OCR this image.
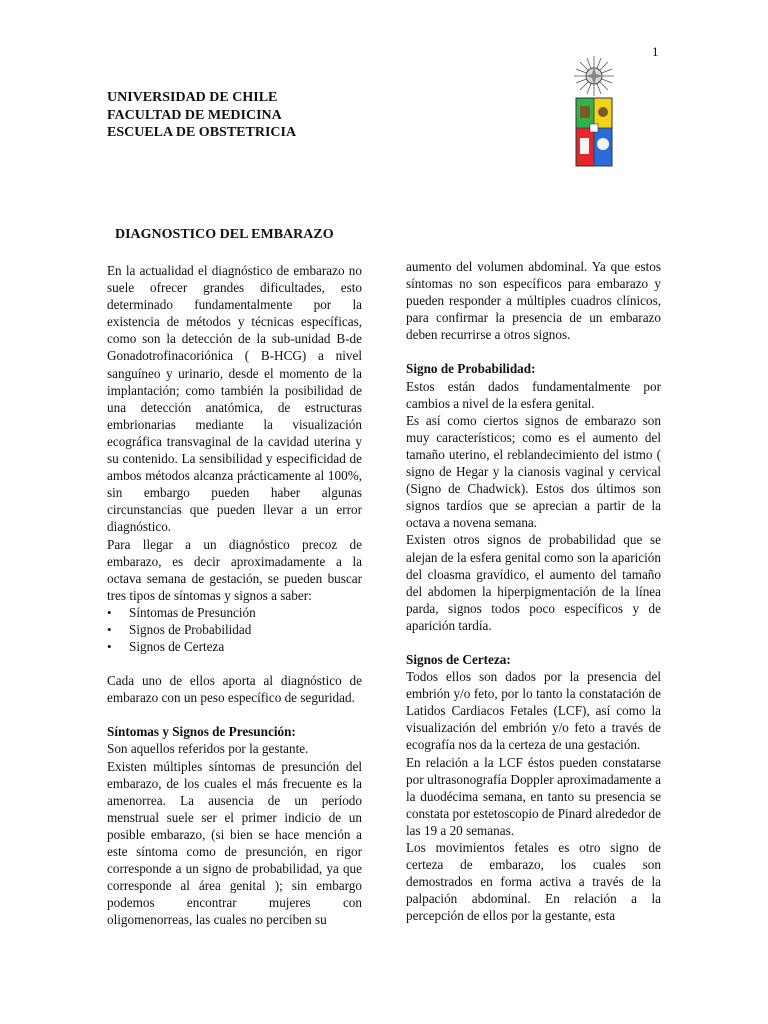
1
UNIVERSIDAD DE CHILE
FACULTAD DE MEDICINA
ESCUELA DE OBSTETRICIA
DIAGNOSTICO DEL EMBARAZO

En la actualidad el diagnóstico de embarazo no suele ofrecer grandes dificultades, esto determinado fundamentalmente por la existencia de métodos y técnicas específicas, como son la detección de la sub-unidad B-de Gonadotrofinacoriónica ( B-HCG) a nivel sanguíneo y urinario, desde el momento de la implantación; como también la posibilidad de una detección anatómica, de estructuras embrionarias mediante la visualización ecográfica transvaginal de la cavidad uterina y su contenido. La sensibilidad y especificidad de ambos métodos alcanza prácticamente al 100%, sin embargo pueden haber algunas circunstancias que pueden llevar a un error diagnóstico.

Para llegar a un diagnóstico precoz de embarazo, es decir aproximadamente a la octava semana de gestación, se pueden buscar tres tipos de síntomas y signos a saber:

• Síntomas de Presunción
• Signos de Probabilidad
• Signos de Certeza

Cada uno de ellos aporta al diagnóstico de embarazo con un peso específico de seguridad.

Síntomas y Signos de Presunción:

Son aquellos referidos por la gestante.

Existen múltiples síntomas de presunción del embarazo, de los cuales el más frecuente es la amenorrea. La ausencia de un período menstrual suele ser el primer indicio de un posible embarazo, (si bien se hace mención a este síntoma como de presunción, en rigor corresponde a un signo de probabilidad, ya que corresponde al área genital ); sin embargo podemos encontrar mujeres con oligomenorreas, las cuales no perciben su

aumento del volumen abdominal. Ya que estos síntomas no son específicos para embarazo y pueden responder a múltiples cuadros clínicos, para confirmar la presencia de un embarazo deben recurrirse a otros signos.

Signo de Probabilidad:

Estos están dados fundamentalmente por cambios a nivel de la esfera genital.

Es así como ciertos signos de embarazo son muy característicos; como es el aumento del tamaño uterino, el reblandecimiento del istmo ( signo de Hegar y la cianosis vaginal y cervical (Signo de Chadwick). Estos dos últimos son signos tardíos que se aprecian a partir de la octava a novena semana.

Existen otros signos de probabilidad que se alejan de la esfera genital como son la aparición del cloasma gravídico, el aumento del tamaño del abdomen la hiperpigmentación de la línea parda, signos todos poco específicos y de aparición tardía.

Signos de Certeza:

Todos ellos son dados por la presencia del embrión y/o feto, por lo tanto la constatación de Latidos Cardiacos Fetales (LCF), así como la visualización del embrión y/o feto a través de ecografía nos da la certeza de una gestación.

En relación a la LCF éstos pueden constatarse por ultrasonografía Doppler aproximadamente a la duodécima semana, en tanto su presencia se constata por estetoscopio de Pinard alrededor de las 19 a 20 semanas.

Los movimientos fetales es otro signo de certeza de embarazo, los cuales son demostrados en forma activa a través de la palpación abdominal. En relación a la percepción de ellos por la gestante, esta
